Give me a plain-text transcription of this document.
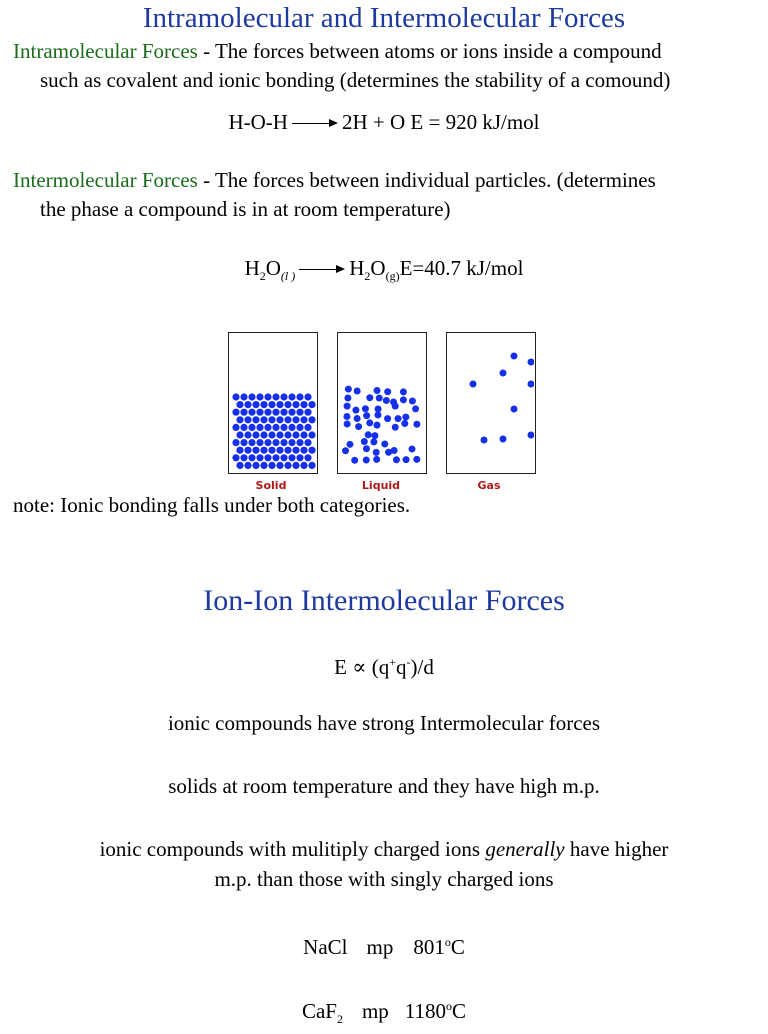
Intramolecular and Intermolecular Forces
Intramolecular Forces - The forces between atoms or ions inside a compound
such as covalent and ionic bonding (determines the stability of a comound)
H-O-H	2H + O E = 920 kJ/mol
Intermolecular Forces - The forces between individual particles. (determines
the phase a compound is in at room temperature)
$H_2O_{(l )}$	$H_2O_{(g)}E=40.7$ kJ/mol
Solid	Liquid	Gas
note: Ionic bonding falls under both categories.
Ion-Ion Intermolecular Forces
E ∝ (q+q-)/d
ionic compounds have strong Intermolecular forces
solids at room temperature and they have high m.p.
ionic compounds with mulitiply charged ions generally have higher
m.p. than those with singly charged ions
NaCl mp 801$^o$C
CaF$_2$ mp 1180$^o$C
